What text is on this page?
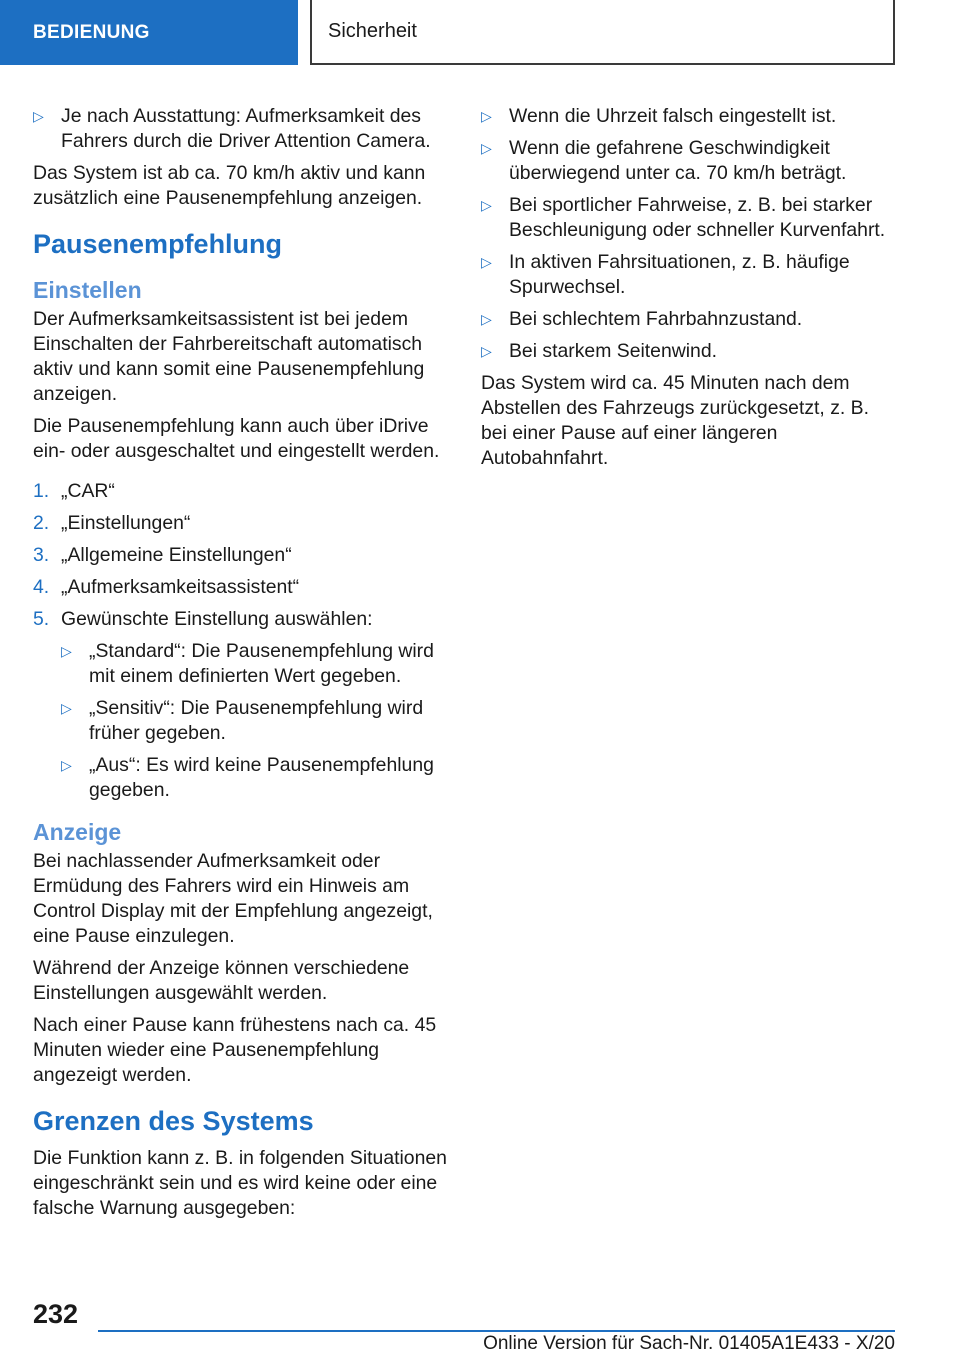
BEDIENUNG	Sicherheit
▷ Je nach Ausstattung: Aufmerksamkeit des Fahrers durch die Driver Attention Camera.

Das System ist ab ca. 70 km/h aktiv und kann zusätzlich eine Pausenempfehlung anzeigen.

Pausenempfehlung
Einstellen

Der Aufmerksamkeitsassistent ist bei jedem Einschalten der Fahrbereitschaft automatisch aktiv und kann somit eine Pausenempfehlung anzeigen.

Die Pausenempfehlung kann auch über iDrive ein- oder ausgeschaltet und eingestellt werden.

1. „CAR“
2. „Einstellungen“
3. „Allgemeine Einstellungen“
4. „Aufmerksamkeitsassistent“
5. Gewünschte Einstellung auswählen:
▷ „Standard“: Die Pausenempfehlung wird mit einem definierten Wert gegeben.
▷ „Sensitiv“: Die Pausenempfehlung wird früher gegeben.
▷ „Aus“: Es wird keine Pausenempfehlung gegeben.
Anzeige

Bei nachlassender Aufmerksamkeit oder Ermüdung des Fahrers wird ein Hinweis am Control Display mit der Empfehlung angezeigt, eine Pause einzulegen.

Während der Anzeige können verschiedene Einstellungen ausgewählt werden.

Nach einer Pause kann frühestens nach ca. 45 Minuten wieder eine Pausenempfehlung angezeigt werden.

Grenzen des Systems

Die Funktion kann z. B. in folgenden Situationen eingeschränkt sein und es wird keine oder eine falsche Warnung ausgegeben:

▷ Wenn die Uhrzeit falsch eingestellt ist.
▷ Wenn die gefahrene Geschwindigkeit überwiegend unter ca. 70 km/h beträgt.
▷ Bei sportlicher Fahrweise, z. B. bei starker Beschleunigung oder schneller Kurvenfahrt.
▷ In aktiven Fahrsituationen, z. B. häufige Spurwechsel.
▷ Bei schlechtem Fahrbahnzustand.
▷ Bei starkem Seitenwind.

Das System wird ca. 45 Minuten nach dem Abstellen des Fahrzeugs zurückgesetzt, z. B. bei einer Pause auf einer längeren Autobahnfahrt.

232
Online Version für Sach-Nr. 01405A1E433 - X/20
